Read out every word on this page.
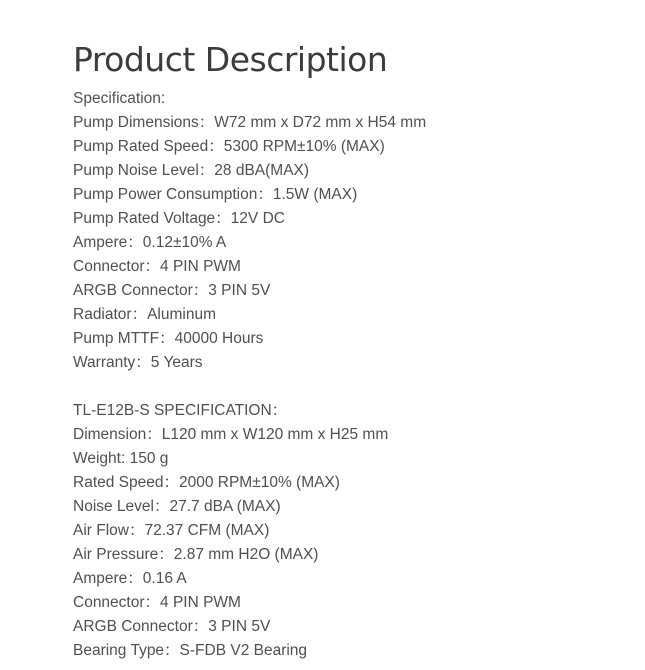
Product Description
Specification:
Pump Dimensions：W72 mm x D72 mm x H54 mm
Pump Rated Speed：5300 RPM±10% (MAX)
Pump Noise Level：28 dBA(MAX)
Pump Power Consumption：1.5W (MAX)
Pump Rated Voltage：12V DC
Ampere：0.12±10% A
Connector：4 PIN PWM
ARGB Connector：3 PIN 5V
Radiator：Aluminum
Pump MTTF：40000 Hours
Warranty：5 Years
TL-E12B-S SPECIFICATION：
Dimension：L120 mm x W120 mm x H25 mm
Weight: 150 g
Rated Speed：2000 RPM±10% (MAX)
Noise Level：27.7 dBA (MAX)
Air Flow：72.37 CFM (MAX)
Air Pressure：2.87 mm H2O (MAX)
Ampere：0.16 A
Connector：4 PIN PWM
ARGB Connector：3 PIN 5V
Bearing Type：S-FDB V2 Bearing
